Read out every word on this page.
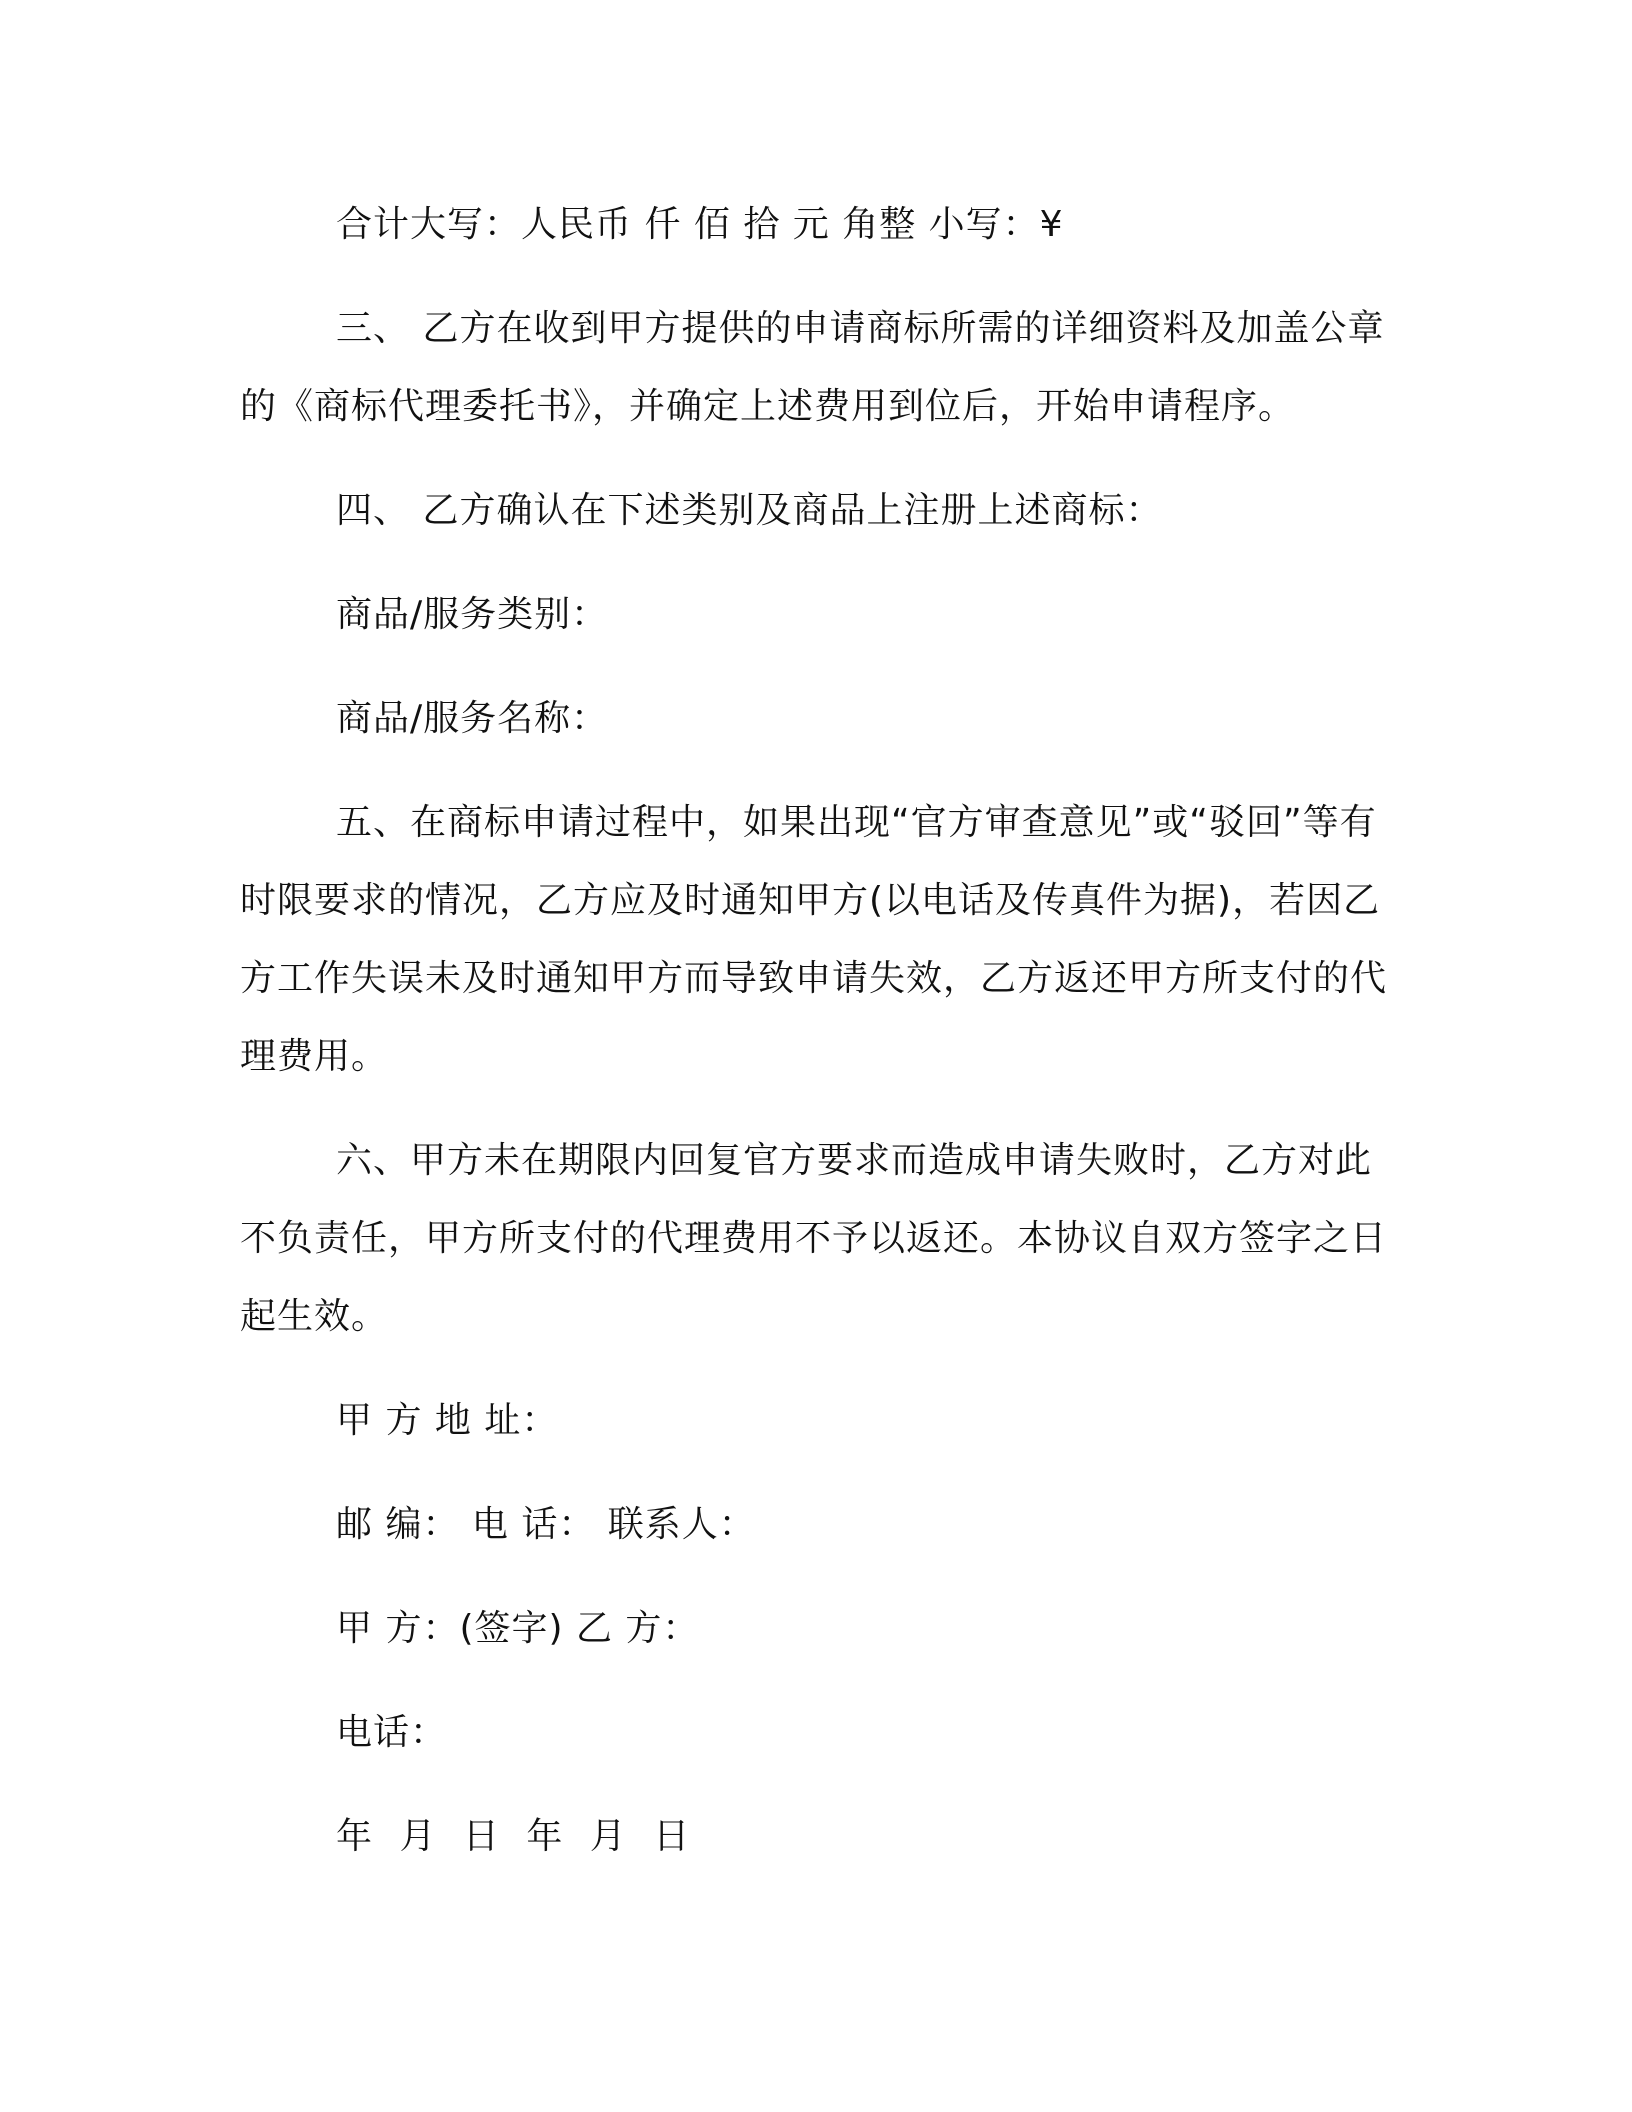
合计大写：人民币 仟 佰 拾 元 角整 小写：¥

三、 乙方在收到甲方提供的申请商标所需的详细资料及加盖公章的《商标代理委托书》，并确定上述费用到位后，开始申请程序。

四、 乙方确认在下述类别及商品上注册上述商标：

商品/服务类别：

商品/服务名称：

五、在商标申请过程中，如果出现“官方审查意见”或“驳回”等有时限要求的情况，乙方应及时通知甲方(以电话及传真件为据)，若因乙方工作失误未及时通知甲方而导致申请失效，乙方返还甲方所支付的代理费用。

六、甲方未在期限内回复官方要求而造成申请失败时，乙方对此不负责任，甲方所支付的代理费用不予以返还。本协议自双方签字之日起生效。

甲 方 地 址：

邮 编： 电 话： 联系人：

甲 方：(签字) 乙 方：

电话：

年 月 日 年 月 日
